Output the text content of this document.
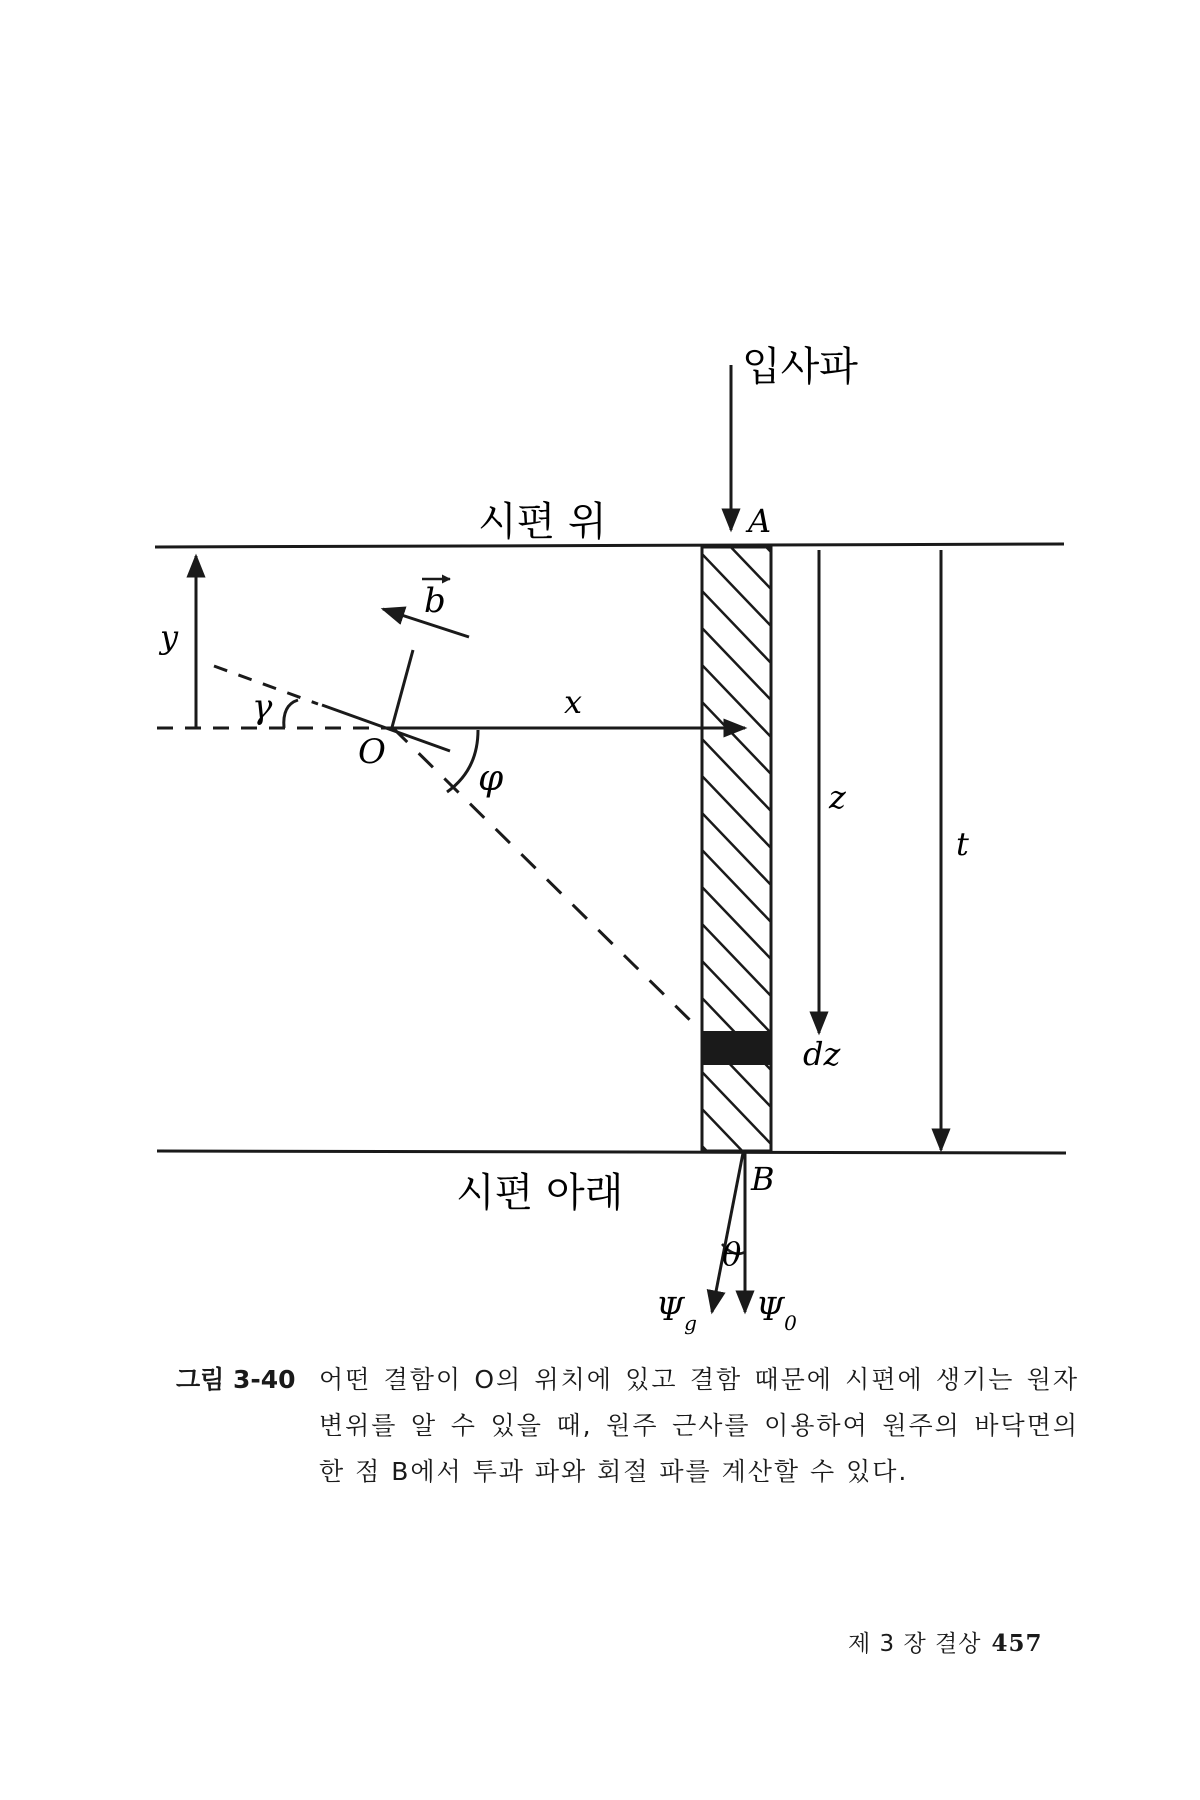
입사파
A
시편 위
y
γ
b
x
O
φ	z
dz
t
시편 아래	B
θ
$\Psi_g$ $\Psi_0$
그림 3-40 어떤 결함이 O의 위치에 있고 결함 때문에 시편에 생기는 원자 변위를 알 수 있을 때, 원주 근사를 이용하여 원주의 바닥면의 한 점 B에서 투과 파와 회절 파를 계산할 수 있다.
제 3 장 결상 457
